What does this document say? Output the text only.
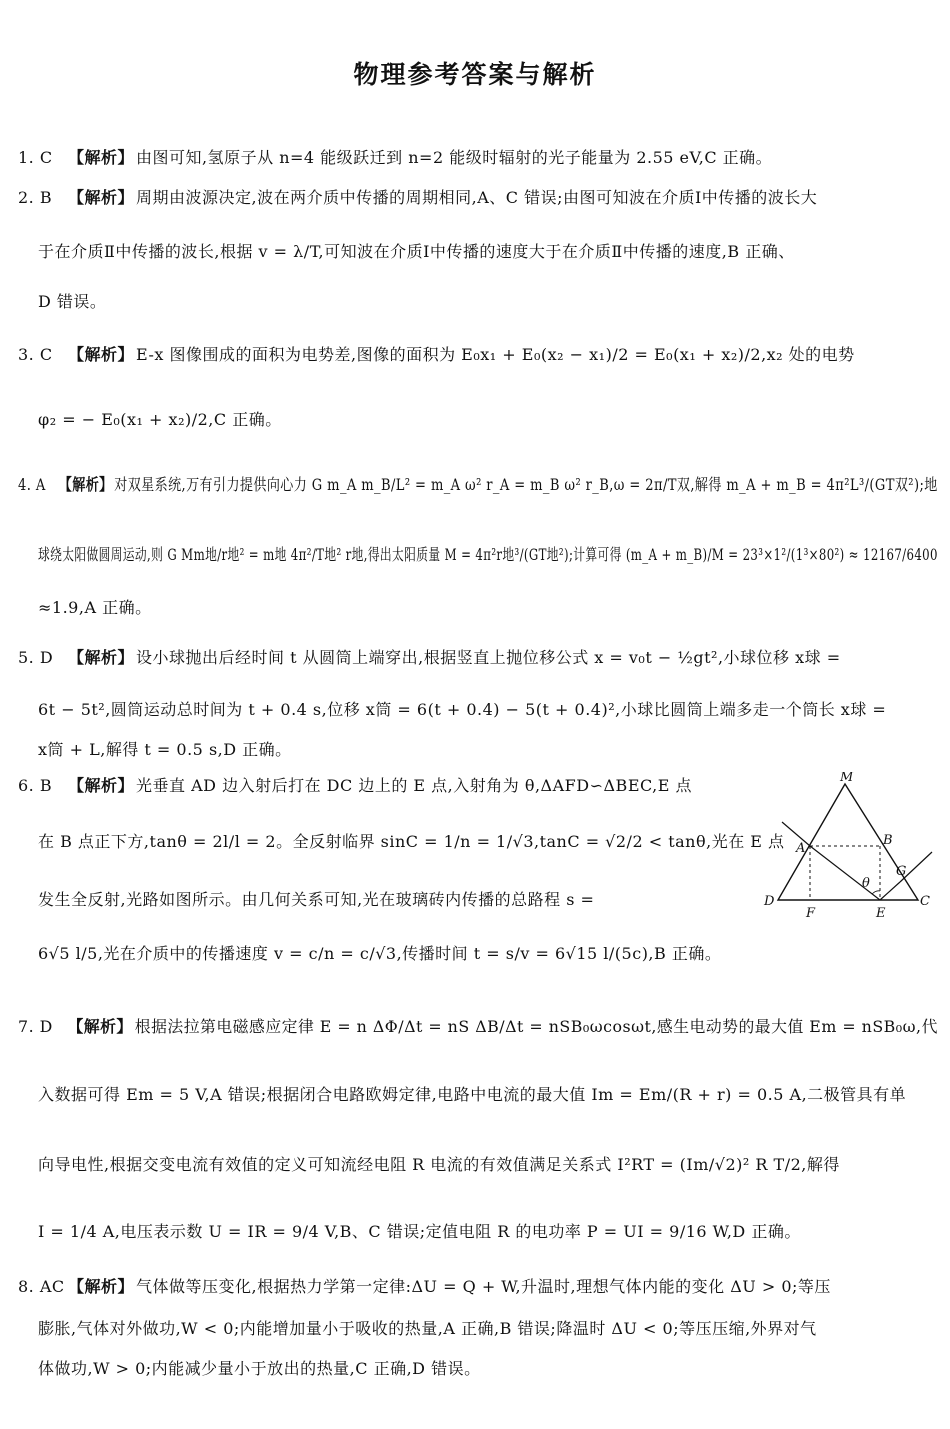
物理参考答案与解析
1. C 【解析】 由图可知,氢原子从 n=4 能级跃迁到 n=2 能级时辐射的光子能量为 2.55 eV,C 正确。
2. B 【解析】 周期由波源决定,波在两介质中传播的周期相同,A、C 错误;由图可知波在介质Ⅰ中传播的波长大
于在介质Ⅱ中传播的波长,根据 v = λ/T,可知波在介质Ⅰ中传播的速度大于在介质Ⅱ中传播的速度,B 正确、
D 错误。
3. C 【解析】 E-x 图像围成的面积为电势差,图像的面积为 E₀x₁ + E₀(x₂ − x₁)/2 = E₀(x₁ + x₂)/2,x₂ 处的电势
φ₂ = − E₀(x₁ + x₂)/2,C 正确。
4. A 【解析】 对双星系统,万有引力提供向心力 G m_A m_B/L² = m_A ω² r_A = m_B ω² r_B,ω = 2π/T双,解得 m_A + m_B = 4π²L³/(GT双²);地
球绕太阳做圆周运动,则 G Mm地/r地² = m地 4π²/T地² r地,得出太阳质量 M = 4π²r地³/(GT地²);计算可得 (m_A + m_B)/M = 23³×1²/(1³×80²) ≈ 12167/6400
≈1.9,A 正确。
5. D 【解析】 设小球抛出后经时间 t 从圆筒上端穿出,根据竖直上抛位移公式 x = v₀t − ½gt²,小球位移 x球 =
6t − 5t²,圆筒运动总时间为 t + 0.4 s,位移 x筒 = 6(t + 0.4) − 5(t + 0.4)²,小球比圆筒上端多走一个筒长 x球 =
x筒 + L,解得 t = 0.5 s,D 正确。
6. B 【解析】 光垂直 AD 边入射后打在 DC 边上的 E 点,入射角为 θ,ΔAFD∽ΔBEC,E 点
在 B 点正下方,tanθ = 2l/l = 2。全反射临界 sinC = 1/n = 1/√3,tanC = √2/2 < tanθ,光在 E 点
发生全反射,光路如图所示。由几何关系可知,光在玻璃砖内传播的总路程 s =
6√5 l/5,光在介质中的传播速度 v = c/n = c/√3,传播时间 t = s/v = 6√15 l/(5c),B 正确。
M
A
B
G
θ
D
F	E
C
7. D 【解析】 根据法拉第电磁感应定律 E = n ΔΦ/Δt = nS ΔB/Δt = nSB₀ωcosωt,感生电动势的最大值 Em = nSB₀ω,代
入数据可得 Em = 5 V,A 错误;根据闭合电路欧姆定律,电路中电流的最大值 Im = Em/(R + r) = 0.5 A,二极管具有单
向导电性,根据交变电流有效值的定义可知流经电阻 R 电流的有效值满足关系式 I²RT = (Im/√2)² R T/2,解得
I = 1/4 A,电压表示数 U = IR = 9/4 V,B、C 错误;定值电阻 R 的电功率 P = UI = 9/16 W,D 正确。
8. AC 【解析】 气体做等压变化,根据热力学第一定律:ΔU = Q + W,升温时,理想气体内能的变化 ΔU > 0;等压
膨胀,气体对外做功,W < 0;内能增加量小于吸收的热量,A 正确,B 错误;降温时 ΔU < 0;等压压缩,外界对气
体做功,W > 0;内能减少量小于放出的热量,C 正确,D 错误。
